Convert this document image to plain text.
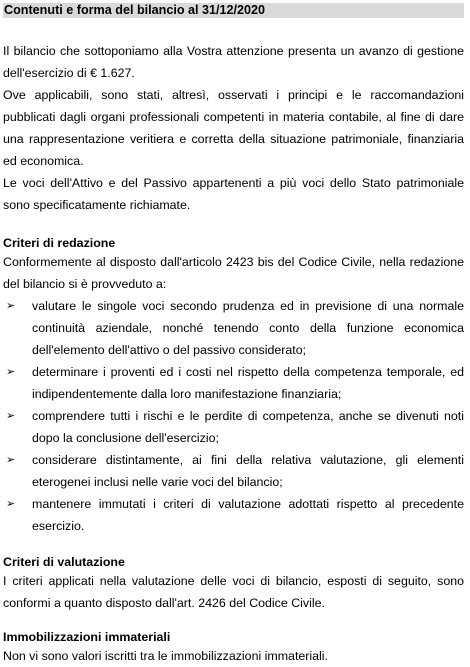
Contenuti e forma del bilancio al 31/12/2020

Il bilancio che sottoponiamo alla Vostra attenzione presenta un avanzo di gestione dell'esercizio di € 1.627.

Ove applicabili, sono stati, altresì, osservati i principi e le raccomandazioni pubblicati dagli organi professionali competenti in materia contabile, al fine di dare una rappresentazione veritiera e corretta della situazione patrimoniale, finanziaria ed economica.

Le voci dell'Attivo e del Passivo appartenenti a più voci dello Stato patrimoniale sono specificatamente richiamate.

Criteri di redazione

Conformemente al disposto dall'articolo 2423 bis del Codice Civile, nella redazione del bilancio si è provveduto a:

➢ valutare le singole voci secondo prudenza ed in previsione di una normale continuità aziendale, nonché tenendo conto della funzione economica dell'elemento dell'attivo o del passivo considerato;
➢ determinare i proventi ed i costi nel rispetto della competenza temporale, ed indipendentemente dalla loro manifestazione finanziaria;
➢ comprendere tutti i rischi e le perdite di competenza, anche se divenuti noti dopo la conclusione dell'esercizio;
➢ considerare distintamente, ai fini della relativa valutazione, gli elementi eterogenei inclusi nelle varie voci del bilancio;
➢ mantenere immutati i criteri di valutazione adottati rispetto al precedente esercizio.
Criteri di valutazione

I criteri applicati nella valutazione delle voci di bilancio, esposti di seguito, sono conformi a quanto disposto dall'art. 2426 del Codice Civile.

Immobilizzazioni immateriali

Non vi sono valori iscritti tra le immobilizzazioni immateriali.
